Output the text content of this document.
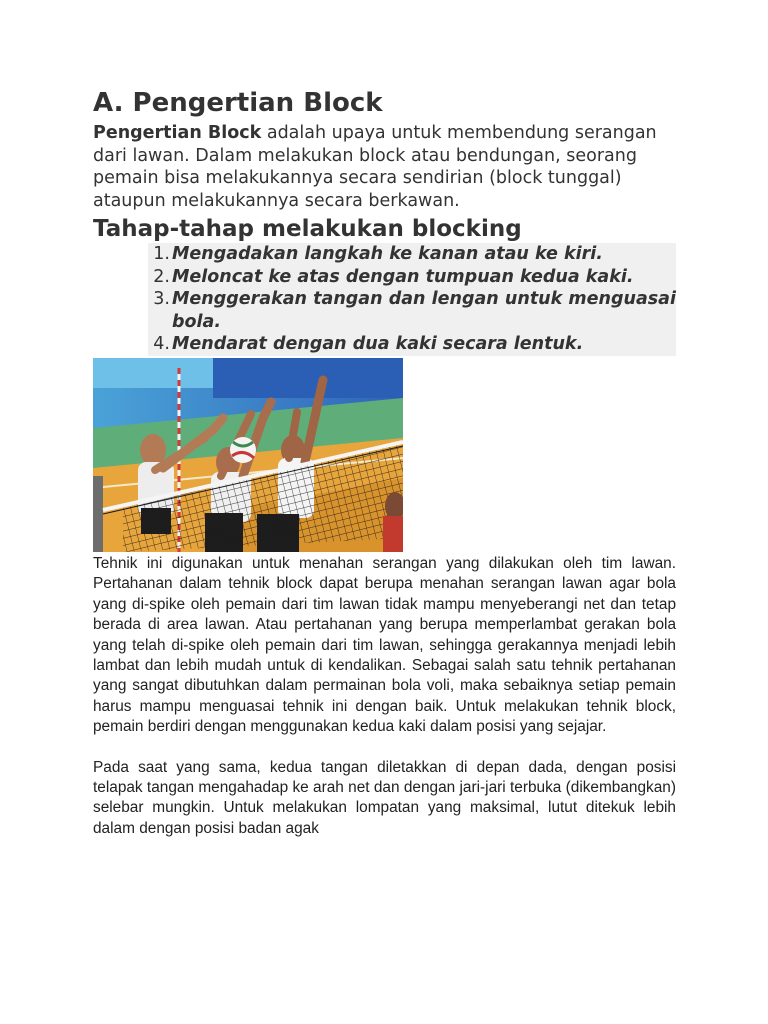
A. Pengertian Block

Pengertian Block adalah upaya untuk membendung serangan dari lawan. Dalam melakukan block atau bendungan, seorang pemain bisa melakukannya secara sendirian (block tunggal) ataupun melakukannya secara berkawan.

Tahap-tahap melakukan blocking
1. Mengadakan langkah ke kanan atau ke kiri.
2. Meloncat ke atas dengan tumpuan kedua kaki.
3. Menggerakan tangan dan lengan untuk menguasai bola.
4. Mendarat dengan dua kaki secara lentuk.

Tehnik ini digunakan untuk menahan serangan yang dilakukan oleh tim lawan. Pertahanan dalam tehnik block dapat berupa menahan serangan lawan agar bola yang di-spike oleh pemain dari tim lawan tidak mampu menyeberangi net dan tetap berada di area lawan. Atau pertahanan yang berupa memperlambat gerakan bola yang telah di-spike oleh pemain dari tim lawan, sehingga gerakannya menjadi lebih lambat dan lebih mudah untuk di kendalikan. Sebagai salah satu tehnik pertahanan yang sangat dibutuhkan dalam permainan bola voli, maka sebaiknya setiap pemain harus mampu menguasai tehnik ini dengan baik. Untuk melakukan tehnik block, pemain berdiri dengan menggunakan kedua kaki dalam posisi yang sejajar.

Pada saat yang sama, kedua tangan diletakkan di depan dada, dengan posisi telapak tangan mengahadap ke arah net dan dengan jari-jari terbuka (dikembangkan) selebar mungkin. Untuk melakukan lompatan yang maksimal, lutut ditekuk lebih dalam dengan posisi badan agak
